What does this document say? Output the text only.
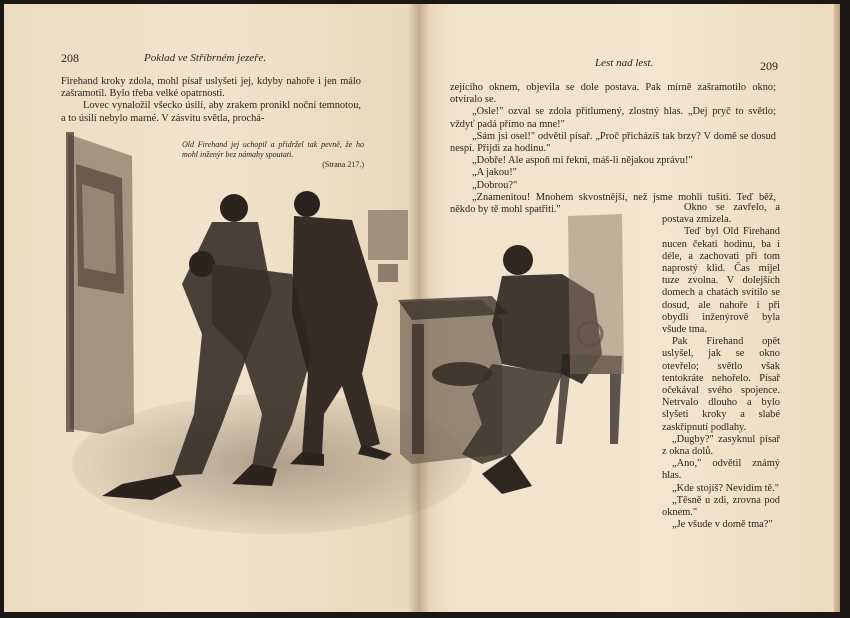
208	Poklad ve Stříbrném jezeře.

Firehand kroky zdola, mohl písař uslyšeti jej, kdyby nahoře i jen málo zašramotil. Bylo třeba velké opatrnosti.

Lovec vynaložil všecko úsilí, aby zrakem pronikl noční temnotou, a to úsilí nebylo marné. V zásvitu světla, prochá-

Lest nad lest.	209

zejícího oknem, objevila se dole postava. Pak mírně zašramotilo okno; otvíralo se.

„Osle!" ozval se zdola přitlumený, zlostný hlas. „Dej pryč to světlo; vždyť padá přímo na mne!"

„Sám jsi osel!" odvětil písař. „Proč přicházíš tak brzy? V domě se dosud nespí. Přijdi za hodinu."

„Dobře! Ale aspoň mi řekni, máš-li nějakou zprávu!"

„A jakou!"

„Dobrou?"

„Znamenitou! Mnohem skvostnější, než jsme mohli tušiti. Teď běž, někdo by tě mohl spatřiti."

Old Firehand jej uchopil a přidržel tak pevně, že ho mohl inženýr bez námahy spoutati.
(Strana 217.)

Okno se zavřelo, a postava zmizela.

Teď byl Old Firehand nucen čekati hodinu, ba i déle, a zachovati při tom naprostý klid. Čas míjel tuze zvolna. V dolejších domech a chatách svítilo se dosud, ale nahoře i při obydlí inženýrově byla všude tma.

Pak Firehand opět uslyšel, jak se okno otevřelo; světlo však tentokráte nehořelo. Písař očekával svého spojence. Netrvalo dlouho a bylo slyšeti kroky a slabé zaskřípnutí podlahy.

„Dugby?" zasyknul písař z okna dolů.

„Ano," odvětil známý hlas.

„Kde stojíš? Nevidím tě."

„Těsně u zdi, zrovna pod oknem."

„Je všude v domě tma?"
